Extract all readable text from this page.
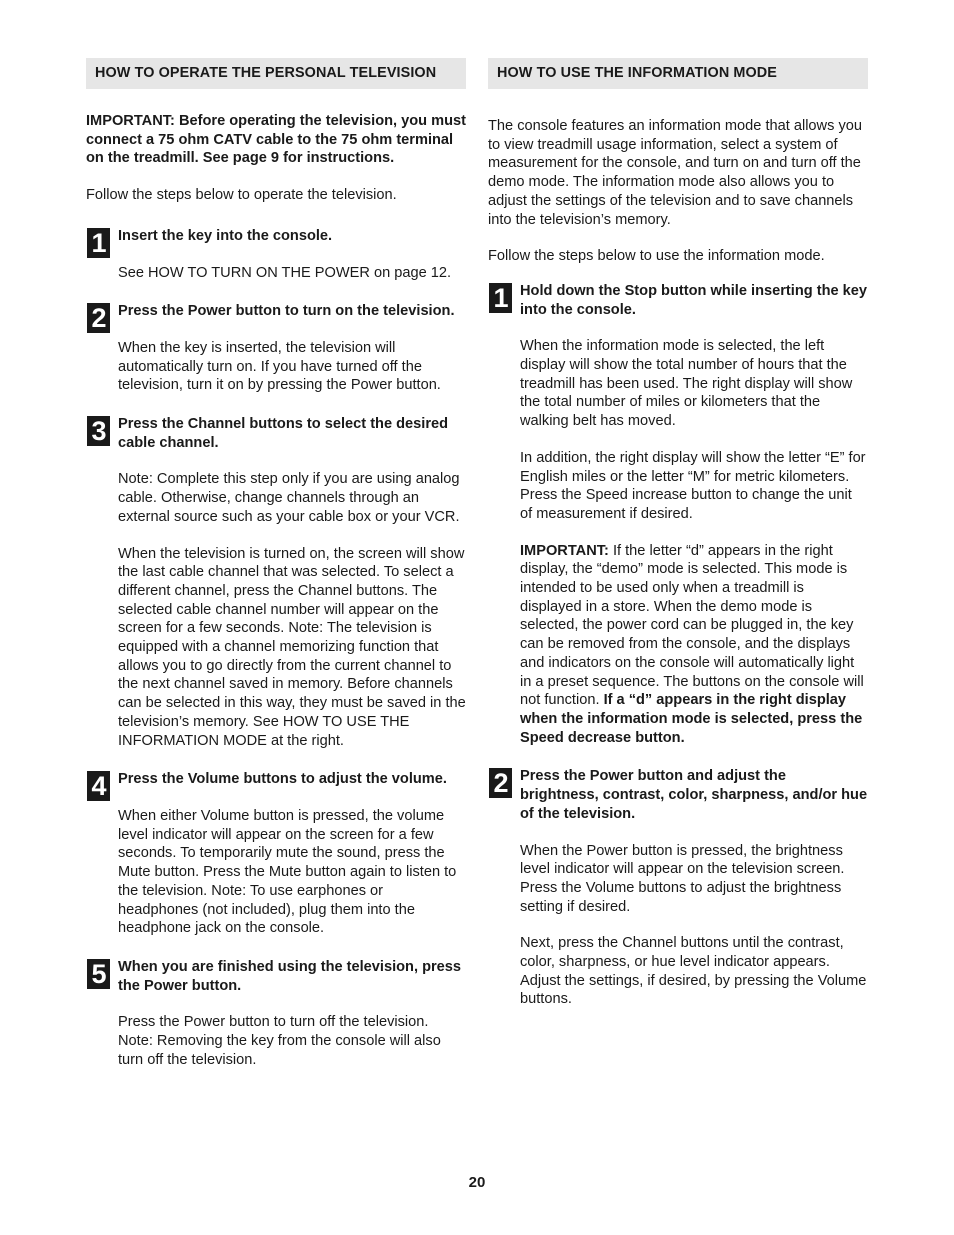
HOW TO OPERATE THE PERSONAL TELEVISION

IMPORTANT: Before operating the television, you must connect a 75 ohm CATV cable to the 75 ohm terminal on the treadmill. See page 9 for instructions.

Follow the steps below to operate the television.

1 Insert the key into the console.

See HOW TO TURN ON THE POWER on page 12.

2 Press the Power button to turn on the television.

When the key is inserted, the television will automatically turn on. If you have turned off the television, turn it on by pressing the Power button.

3 Press the Channel buttons to select the desired cable channel.

Note: Complete this step only if you are using analog cable. Otherwise, change channels through an external source such as your cable box or your VCR.

When the television is turned on, the screen will show the last cable channel that was selected. To select a different channel, press the Channel buttons. The selected cable channel number will appear on the screen for a few seconds. Note: The television is equipped with a channel memorizing function that allows you to go directly from the current channel to the next channel saved in memory. Before channels can be selected in this way, they must be saved in the television’s memory. See HOW TO USE THE INFORMATION MODE at the right.

4 Press the Volume buttons to adjust the volume.

When either Volume button is pressed, the volume level indicator will appear on the screen for a few seconds. To temporarily mute the sound, press the Mute button. Press the Mute button again to listen to the television. Note: To use earphones or headphones (not included), plug them into the headphone jack on the console.

5 When you are finished using the television, press the Power button.

Press the Power button to turn off the television. Note: Removing the key from the console will also turn off the television.

HOW TO USE THE INFORMATION MODE

The console features an information mode that allows you to view treadmill usage information, select a system of measurement for the console, and turn on and turn off the demo mode. The information mode also allows you to adjust the settings of the television and to save channels into the television’s memory.

Follow the steps below to use the information mode.

1 Hold down the Stop button while inserting the key into the console.

When the information mode is selected, the left display will show the total number of hours that the treadmill has been used. The right display will show the total number of miles or kilometers that the walking belt has moved.

In addition, the right display will show the letter “E” for English miles or the letter “M” for metric kilometers. Press the Speed increase button to change the unit of measurement if desired.

IMPORTANT: If the letter “d” appears in the right display, the “demo” mode is selected. This mode is intended to be used only when a treadmill is displayed in a store. When the demo mode is selected, the power cord can be plugged in, the key can be removed from the console, and the displays and indicators on the console will automatically light in a preset sequence. The buttons on the console will not function. If a “d” appears in the right display when the information mode is selected, press the Speed decrease button.

2 Press the Power button and adjust the brightness, contrast, color, sharpness, and/or hue of the television.

When the Power button is pressed, the brightness level indicator will appear on the television screen. Press the Volume buttons to adjust the brightness setting if desired.

Next, press the Channel buttons until the contrast, color, sharpness, or hue level indicator appears. Adjust the settings, if desired, by pressing the Volume buttons.

20
